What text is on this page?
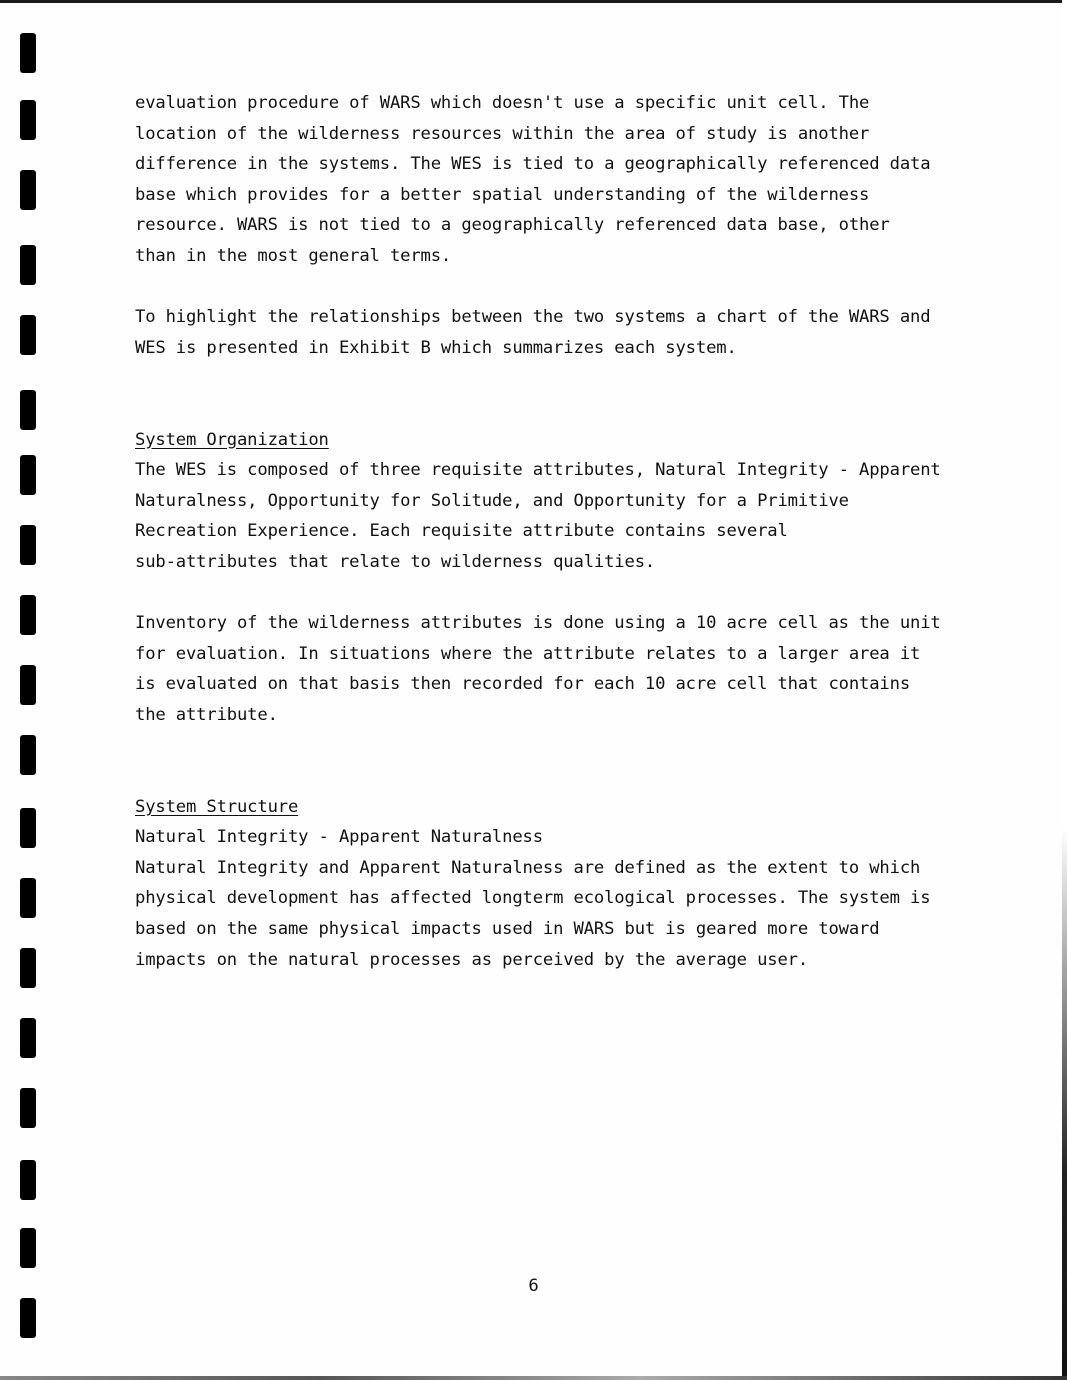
evaluation procedure of WARS which doesn't use a specific unit cell. The
location of the wilderness resources within the area of study is another
difference in the systems. The WES is tied to a geographically referenced data
base which provides for a better spatial understanding of the wilderness
resource. WARS is not tied to a geographically referenced data base, other
than in the most general terms.

To highlight the relationships between the two systems a chart of the WARS and
WES is presented in Exhibit B which summarizes each system.

System Organization

The WES is composed of three requisite attributes, Natural Integrity - Apparent
Naturalness, Opportunity for Solitude, and Opportunity for a Primitive
Recreation Experience. Each requisite attribute contains several
sub-attributes that relate to wilderness qualities.

Inventory of the wilderness attributes is done using a 10 acre cell as the unit
for evaluation. In situations where the attribute relates to a larger area it
is evaluated on that basis then recorded for each 10 acre cell that contains
the attribute.

System Structure

Natural Integrity - Apparent Naturalness

Natural Integrity and Apparent Naturalness are defined as the extent to which
physical development has affected longterm ecological processes. The system is
based on the same physical impacts used in WARS but is geared more toward
impacts on the natural processes as perceived by the average user.

6
